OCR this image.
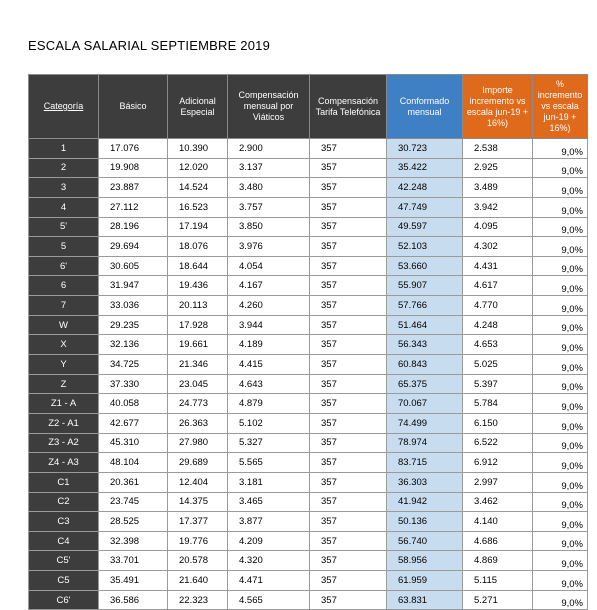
ESCALA SALARIAL SEPTIEMBRE 2019
Categoría	Básico	Adicional Especial	Compensación mensual por Viáticos	Compensación Tarifa Telefónica	Conformado mensual	Importe incremento vs escala jun-19 + 16%)	% incremento vs escala jun-19 + 16%)
1	17.076	10.390	2.900	357	30.723	2.538	9,0%
2	19.908	12.020	3.137	357	35.422	2.925	9,0%
3	23.887	14.524	3.480	357	42.248	3.489	9,0%
4	27.112	16.523	3.757	357	47.749	3.942	9,0%
5'	28.196	17.194	3.850	357	49.597	4.095	9,0%
5	29.694	18.076	3.976	357	52.103	4.302	9,0%
6'	30.605	18.644	4.054	357	53.660	4.431	9,0%
6	31.947	19.436	4.167	357	55.907	4.617	9,0%
7	33.036	20.113	4.260	357	57.766	4.770	9,0%
W	29.235	17.928	3.944	357	51.464	4.248	9,0%
X	32.136	19.661	4.189	357	56.343	4.653	9,0%
Y	34.725	21.346	4.415	357	60.843	5.025	9,0%
Z	37.330	23.045	4.643	357	65.375	5.397	9,0%
Z1 - A	40.058	24.773	4.879	357	70.067	5.784	9,0%
Z2 - A1	42.677	26.363	5.102	357	74.499	6.150	9,0%
Z3 - A2	45.310	27.980	5.327	357	78.974	6.522	9,0%
Z4 - A3	48.104	29.689	5.565	357	83.715	6.912	9,0%
C1	20.361	12.404	3.181	357	36.303	2.997	9,0%
C2	23.745	14.375	3.465	357	41.942	3.462	9,0%
C3	28.525	17.377	3.877	357	50.136	4.140	9,0%
C4	32.398	19.776	4.209	357	56.740	4.686	9,0%
C5'	33.701	20.578	4.320	357	58.956	4.869	9,0%
C5	35.491	21.640	4.471	357	61.959	5.115	9,0%
C6'	36.586	22.323	4.565	357	63.831	5.271	9,0%
